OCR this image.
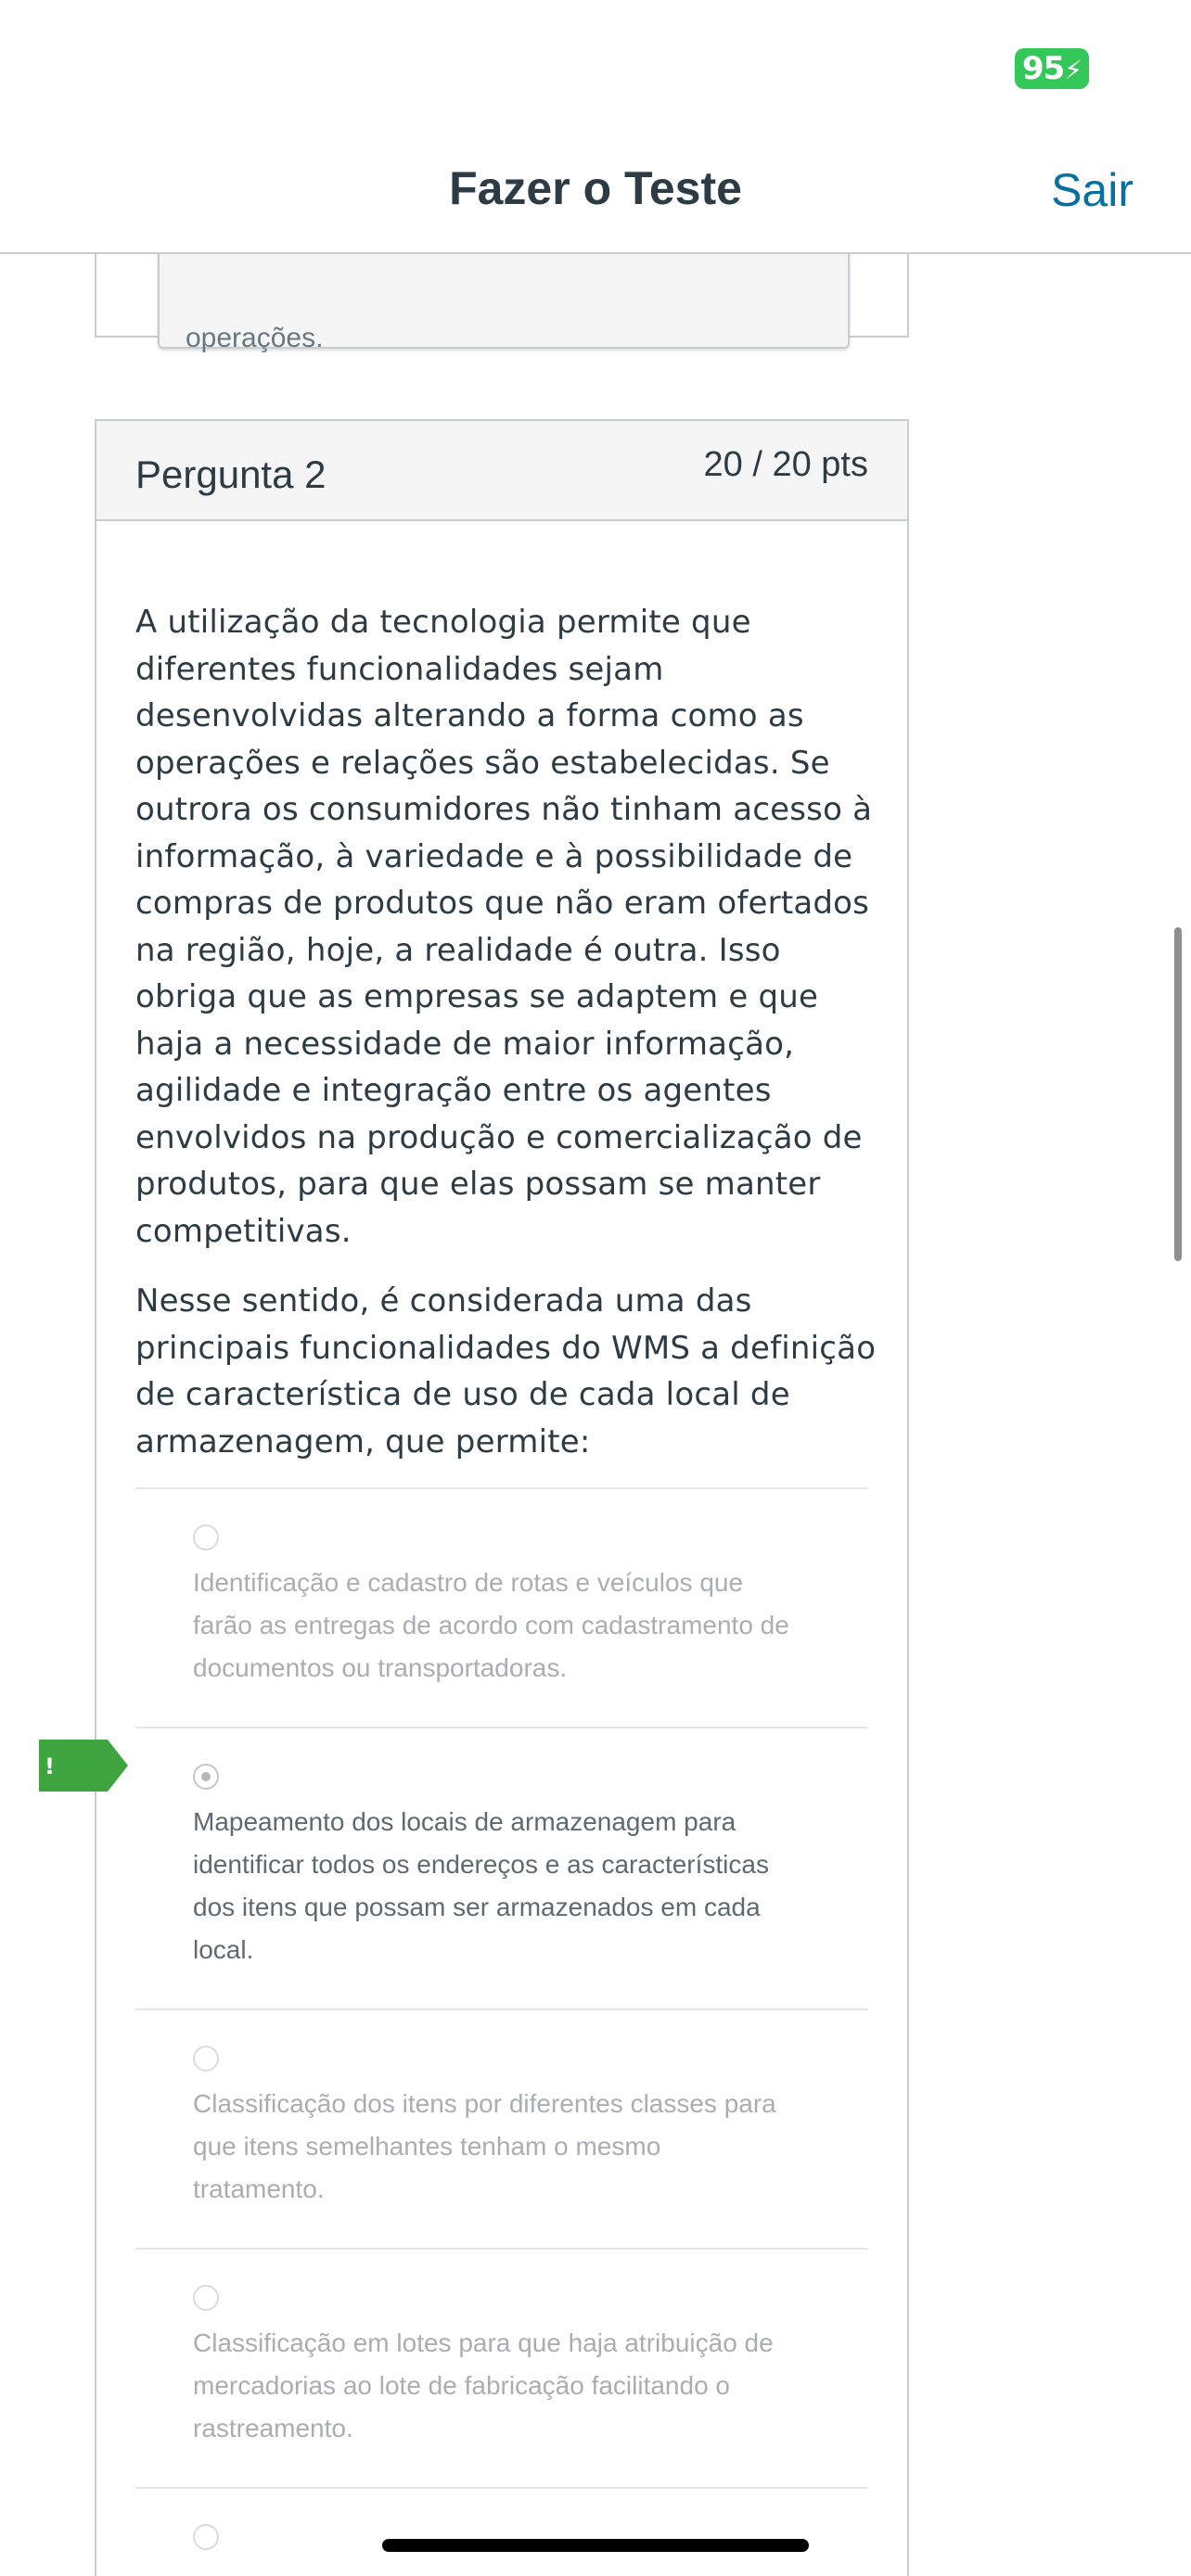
operações.
95⚡
Fazer o Teste	Sair
Pergunta 2	20 / 20 pts

A utilização da tecnologia permite que diferentes funcionalidades sejam desenvolvidas alterando a forma como as operações e relações são estabelecidas. Se outrora os consumidores não tinham acesso à informação, à variedade e à possibilidade de compras de produtos que não eram ofertados na região, hoje, a realidade é outra. Isso obriga que as empresas se adaptem e que haja a necessidade de maior informação, agilidade e integração entre os agentes envolvidos na produção e comercialização de produtos, para que elas possam se manter competitivas.

Nesse sentido, é considerada uma das principais funcionalidades do WMS a definição de característica de uso de cada local de armazenagem, que permite:

Identificação e cadastro de rotas e veículos que farão as entregas de acordo com cadastramento de documentos ou transportadoras.
!
Mapeamento dos locais de armazenagem para identificar todos os endereços e as características dos itens que possam ser armazenados em cada local.
Classificação dos itens por diferentes classes para que itens semelhantes tenham o mesmo tratamento.
Classificação em lotes para que haja atribuição de mercadorias ao lote de fabricação facilitando o rastreamento.
